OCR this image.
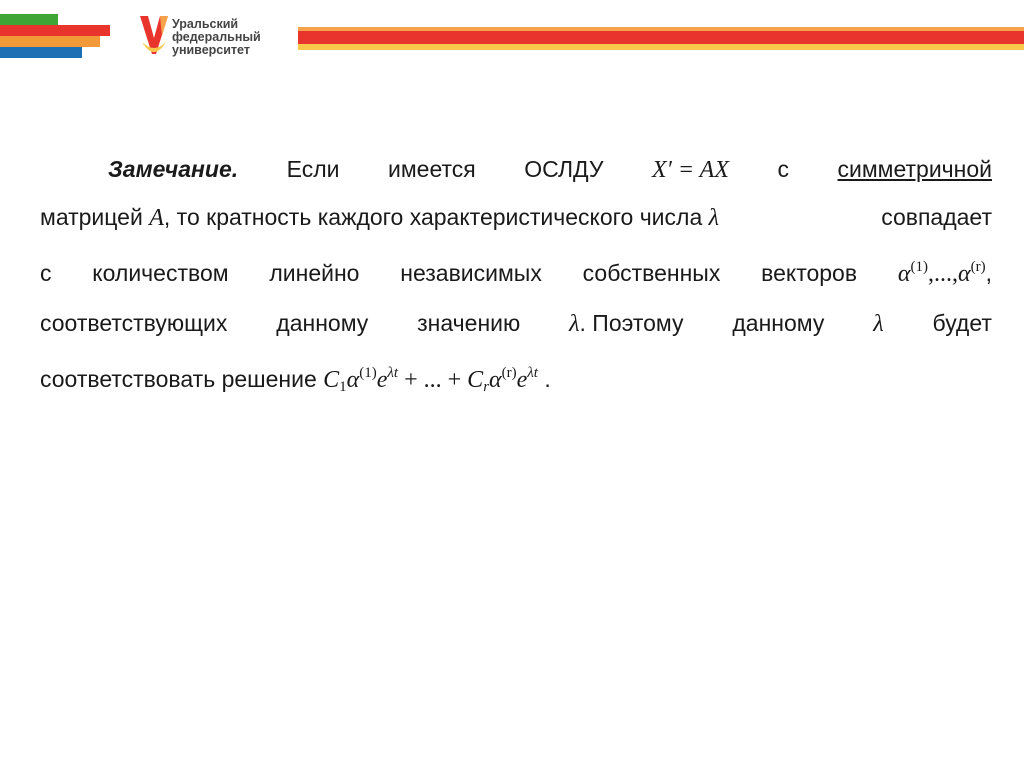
Уральский
федеральный
университет
Замечание. Если имеется ОСЛДУ X′ = AX с симметричной
матрицей A, то кратность каждого характеристического числа λ	совпадает
с количеством линейно независимых собственных векторов $\alpha^{(1)},...,\alpha^{(r)}$,
соответствующих данному значению λ. Поэтому данному λ будет
соответствовать решение $C1\alpha^{(1)}e^{\lambda t}$ + ... + $Cr\alpha^{(r)}e^{\lambda t}$ .
